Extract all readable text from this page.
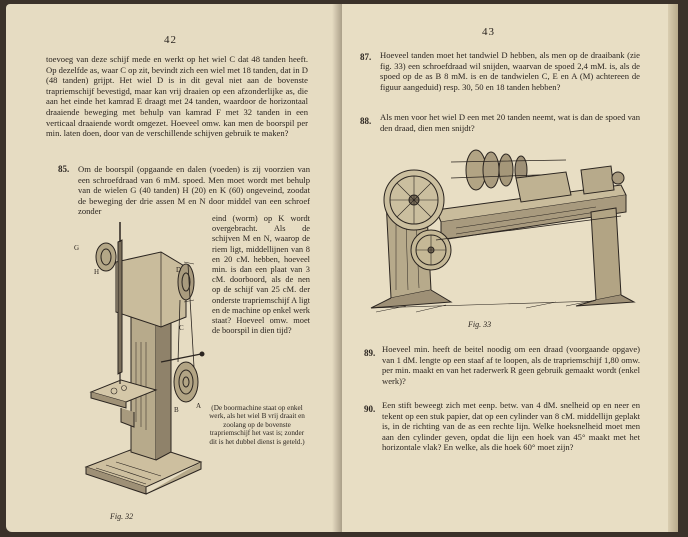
42
toevoeg van deze schijf mede en werkt op het wiel C dat 48 tanden heeft. Op dezelfde as, waar C op zit, bevindt zich een wiel met 18 tanden, dat in D (48 tanden) grijpt. Het wiel D is in dit geval niet aan de bovenste trapriemschijf bevestigd, maar kan vrij draaien op een afzonderlijke as, die aan het einde het kamrad E draagt met 24 tanden, waardoor de horizontaal draaiende beweging met behulp van kamrad F met 32 tanden in een verticaal draaiende wordt omgezet. Hoeveel omw. kan men de boorspil per min. laten doen, door van de verschillende schijven gebruik te maken?
85. Om de boorspil (opgaande en dalen (voeden) is zij voorzien van een schroefdraad van 6 mM. spoed. Men moet wordt met behulp van de wielen G (40 tanden) H (20) en K (60) ongeveind, zoodat de beweging der drie assen M en N door middel van een schroef zonder
eind (worm) op K wordt overgebracht. Als de schijven M en N, waarop de riem ligt, middellijnen van 8 en 20 cM. hebben, hoeveel min. is dan een plaat van 3 cM. doorboord, als de nen op de schijf van 25 cM. der onderste trapriemschijf A ligt en de machine op enkel werk staat? Hoeveel omw. moet de boorspil in dien tijd?
(De boormachine staat op enkel werk, als het wiel B vrij draait en zoolang op de bovenste trapriemschijf het vast is; zonder dit is het dubbel dienst is geteld.)
G
H	D
C
A
B
Fig. 32
43
87. Hoeveel tanden moet het tandwiel D hebben, als men op de draaibank (zie fig. 33) een schroefdraad wil snijden, waarvan de spoed 2,4 mM. is, als de spoed op de as B 8 mM. is en de tandwielen C, E en A (M) achtereen de figuur aangeduid) resp. 30, 50 en 18 tanden hebben?
88. Als men voor het wiel D een met 20 tanden neemt, wat is dan de spoed van den draad, dien men snijdt?
Fig. 33
89. Hoeveel min. heeft de beitel noodig om een draad (voorgaande opgave) van 1 dM. lengte op een staaf af te loopen, als de trapriemschijf 1,80 omw. per min. maakt en van het raderwerk R geen gebruik gemaakt wordt (enkel werk)?
90. Een stift beweegt zich met eenp. betw. van 4 dM. snelheid op en neer en tekent op een stuk papier, dat op een cylinder van 8 cM. middellijn geplakt is, in de richting van de as een rechte lijn. Welke hoeksnelheid moet men aan den cylinder geven, opdat die lijn een hoek van 45° maakt met het horizontale vlak? En welke, als die hoek 60° moet zijn?
